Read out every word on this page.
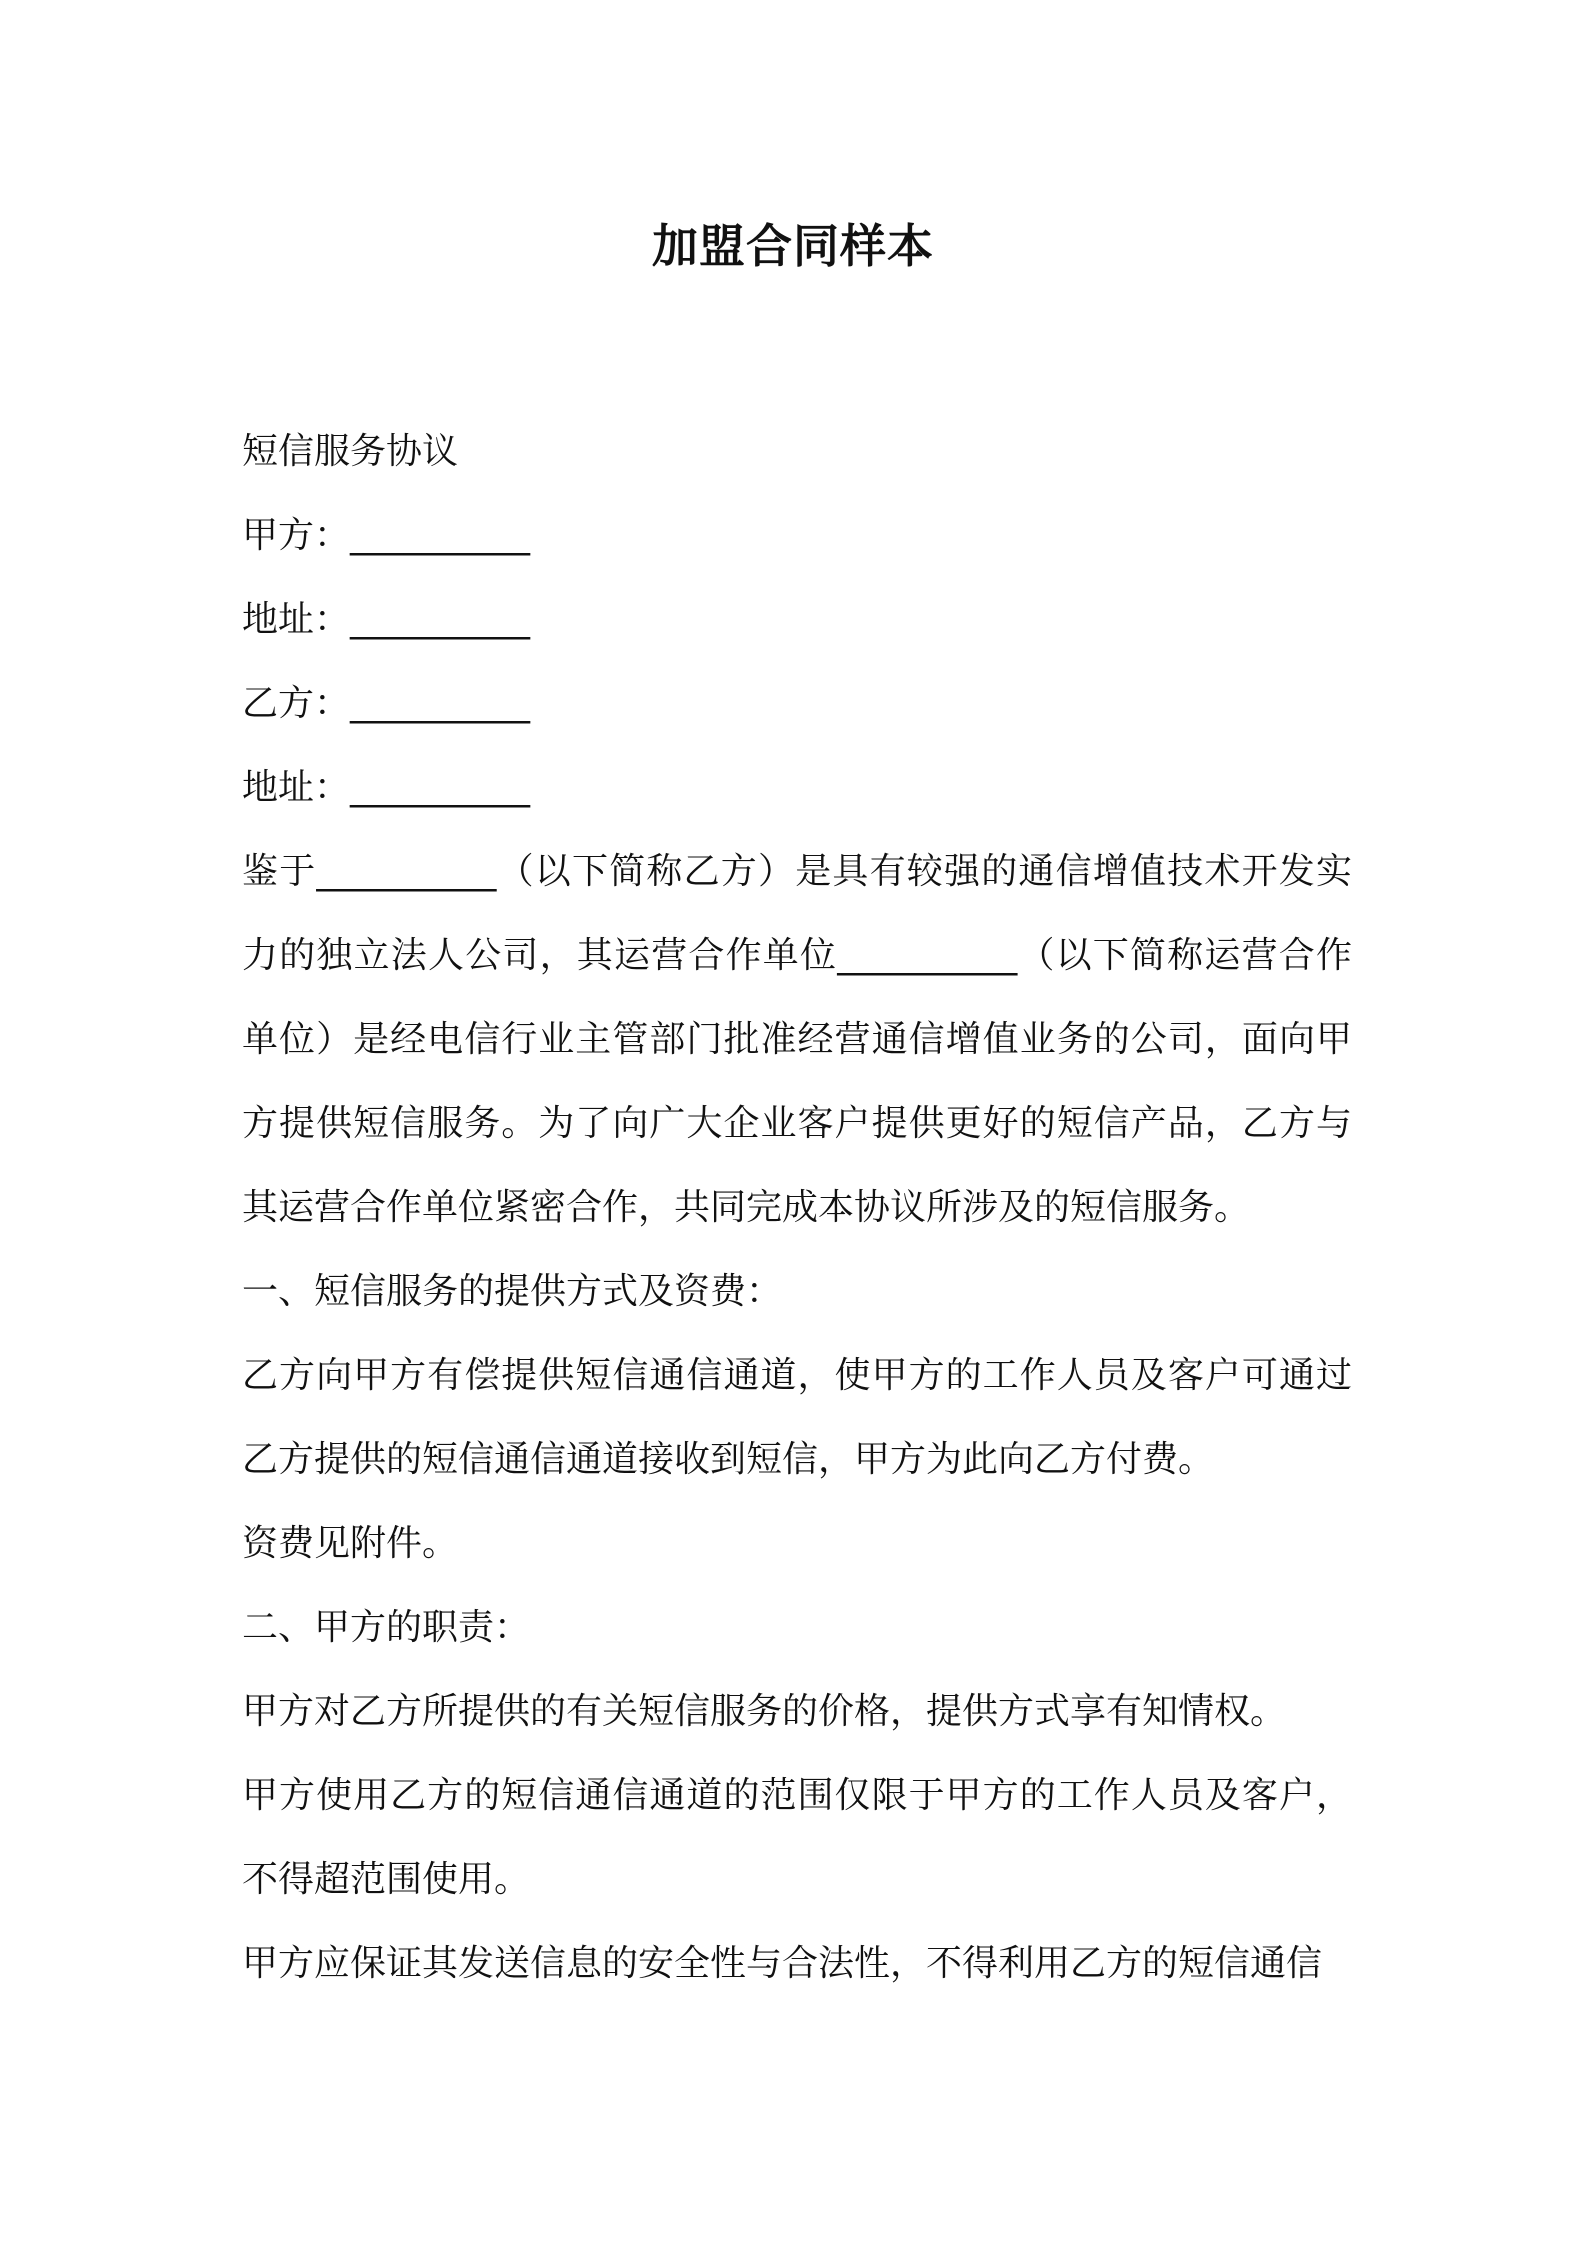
加盟合同样本
短信服务协议
甲方：__________
地址：__________
乙方：__________
地址：__________
鉴于__________（以下简称乙方）是具有较强的通信增值技术开发实力的独立法人公司，其运营合作单位__________（以下简称运营合作单位）是经电信行业主管部门批准经营通信增值业务的公司，面向甲方提供短信服务。为了向广大企业客户提供更好的短信产品，乙方与其运营合作单位紧密合作，共同完成本协议所涉及的短信服务。
一、短信服务的提供方式及资费：
乙方向甲方有偿提供短信通信通道，使甲方的工作人员及客户可通过乙方提供的短信通信通道接收到短信，甲方为此向乙方付费。
资费见附件。
二、甲方的职责：
甲方对乙方所提供的有关短信服务的价格，提供方式享有知情权。
甲方使用乙方的短信通信通道的范围仅限于甲方的工作人员及客户，不得超范围使用。
甲方应保证其发送信息的安全性与合法性，不得利用乙方的短信通信
